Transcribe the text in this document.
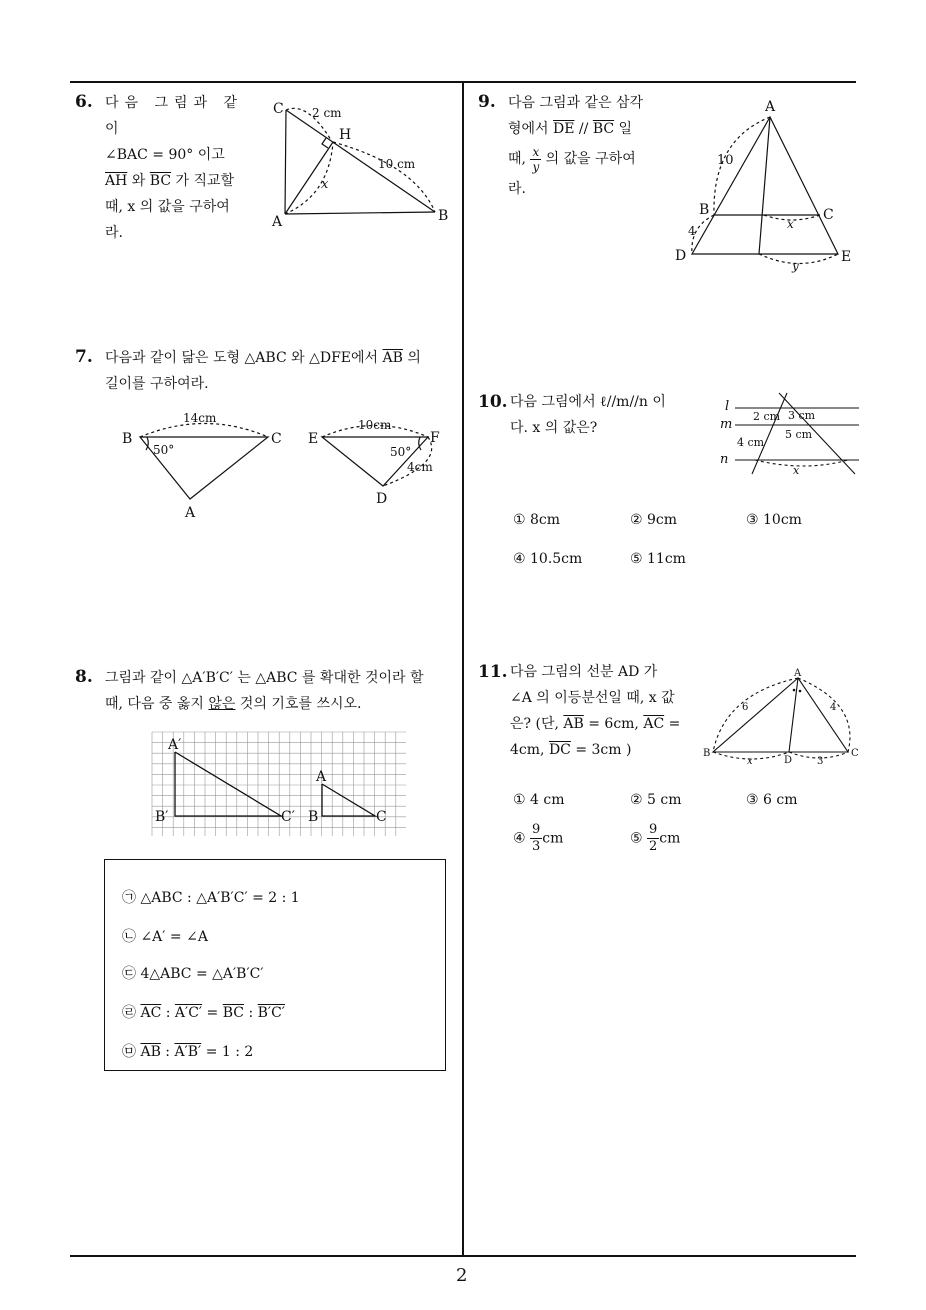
2
6. 다음 그림과 같이
∠BAC = 90° 이고
$\overline{AH}$ 와 $\overline{BC}$ 가 직교할
때, x 의 값을 구하여
라.
C
H
A	B
2 cm
10 cm
x
7. 다음과 같이 닮은 도형 △ABC 와 △DFE에서 $\overline{AB}$ 의
길이를 구하여라.
B	C
A
50°
14cm
E	F
D
50°
10cm
4cm
8. 그림과 같이 △A′B′C′ 는 △ABC 를 확대한 것이라 할
때, 다음 중 옳지 않은 것의 기호를 쓰시오.
A′
B′	C′
A
B	C
㉠ △ABC : △A′B′C′ = 2 : 1
㉡ ∠A′ = ∠A
㉢ 4△ABC = △A′B′C′
㉣ $\overline{AC}$ : $A'C' = \overline{BC}$ : B′C′
㉤ $\overline{AB}$ : A′B′ = 1 : 2
9. 다음 그림과 같은 삼각
형에서 $\overline{DE} // \overline{BC}$ 일
때, $\frac{x}{y}$ 의 값을 구하여
라.
A
B	C
D	E
10
4	x
y
10. 다음 그림에서 ℓ//m//n 이
다. x 의 값은?
l
m
n
2 cm 3 cm
4 cm
5 cm
x
① 8cm	② 9cm	③ 10cm
④ 10.5cm	⑤ 11cm
11. 다음 그림의 선분 AD 가
∠A 의 이등분선일 때, x 값
은? (단, $\overline{AB} = 6cm$, $\overline{AC}$ =
4cm, $\overline{DC} = 3cm$ )
A
B	C
D
6	4
x	3
① 4 cm	② 5 cm	③ 6 cm
④ $\frac{9}{3}$ cm	⑤ $\frac{9}{2}$ cm
